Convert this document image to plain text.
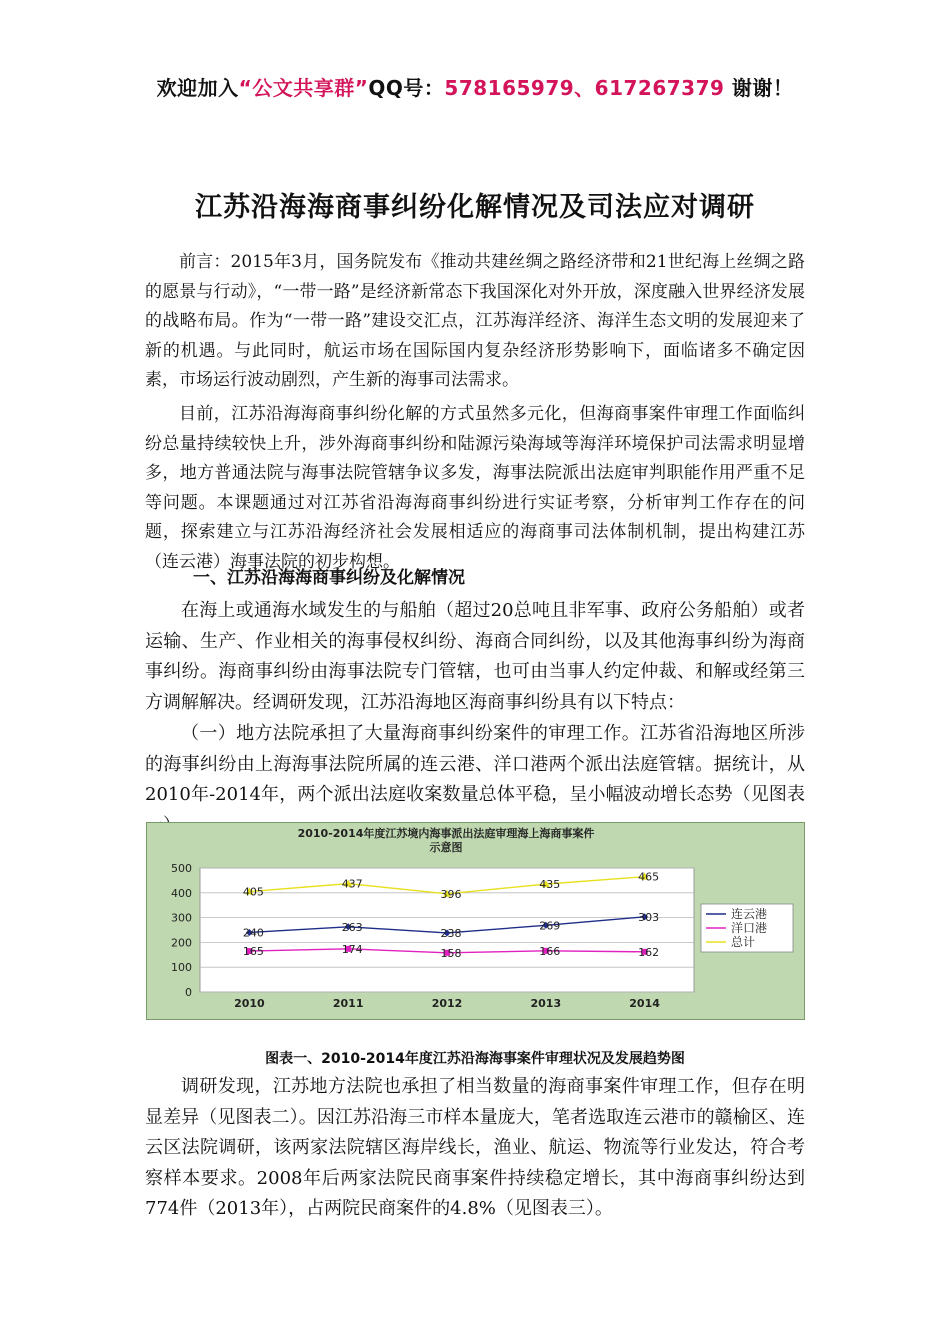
欢迎加入“公文共享群”QQ号：578165979、617267379 谢谢！
江苏沿海海商事纠纷化解情况及司法应对调研

前言：2015年3月，国务院发布《推动共建丝绸之路经济带和21世纪海上丝绸之路的愿景与行动》，“一带一路”是经济新常态下我国深化对外开放，深度融入世界经济发展的战略布局。作为“一带一路”建设交汇点，江苏海洋经济、海洋生态文明的发展迎来了新的机遇。与此同时，航运市场在国际国内复杂经济形势影响下，面临诸多不确定因素，市场运行波动剧烈，产生新的海事司法需求。

目前，江苏沿海海商事纠纷化解的方式虽然多元化，但海商事案件审理工作面临纠纷总量持续较快上升，涉外海商事纠纷和陆源污染海域等海洋环境保护司法需求明显增多，地方普通法院与海事法院管辖争议多发，海事法院派出法庭审判职能作用严重不足等问题。本课题通过对江苏省沿海海商事纠纷进行实证考察，分析审判工作存在的问题，探索建立与江苏沿海经济社会发展相适应的海商事司法体制机制，提出构建江苏（连云港）海事法院的初步构想。

一、江苏沿海海商事纠纷及化解情况

在海上或通海水域发生的与船舶（超过20总吨且非军事、政府公务船舶）或者运输、生产、作业相关的海事侵权纠纷、海商合同纠纷，以及其他海事纠纷为海商事纠纷。海商事纠纷由海事法院专门管辖，也可由当事人约定仲裁、和解或经第三方调解解决。经调研发现，江苏沿海地区海商事纠纷具有以下特点：

（一）地方法院承担了大量海商事纠纷案件的审理工作。江苏省沿海地区所涉的海事纠纷由上海海事法院所属的连云港、洋口港两个派出法庭管辖。据统计，从2010年-2014年，两个派出法庭收案数量总体平稳，呈小幅波动增长态势（见图表

2010-2014年度江苏境内海事派出法庭审理海上海商事案件
示意图
0
100
200
300
400
500
2010	2011	2012	2013	2014
240	263	238
269
303
165	174	158	166	162
405
437
396
435
465
连云港
洋口港
总计
图表一、2010-2014年度江苏沿海海事案件审理状况及发展趋势图

调研发现，江苏地方法院也承担了相当数量的海商事案件审理工作，但存在明显差异（见图表二）。因江苏沿海三市样本量庞大，笔者选取连云港市的赣榆区、连云区法院调研，该两家法院辖区海岸线长，渔业、航运、物流等行业发达，符合考察样本要求。2008年后两家法院民商事案件持续稳定增长，其中海商事纠纷达到774件（2013年），占两院民商案件的4.8%（见图表三）。
